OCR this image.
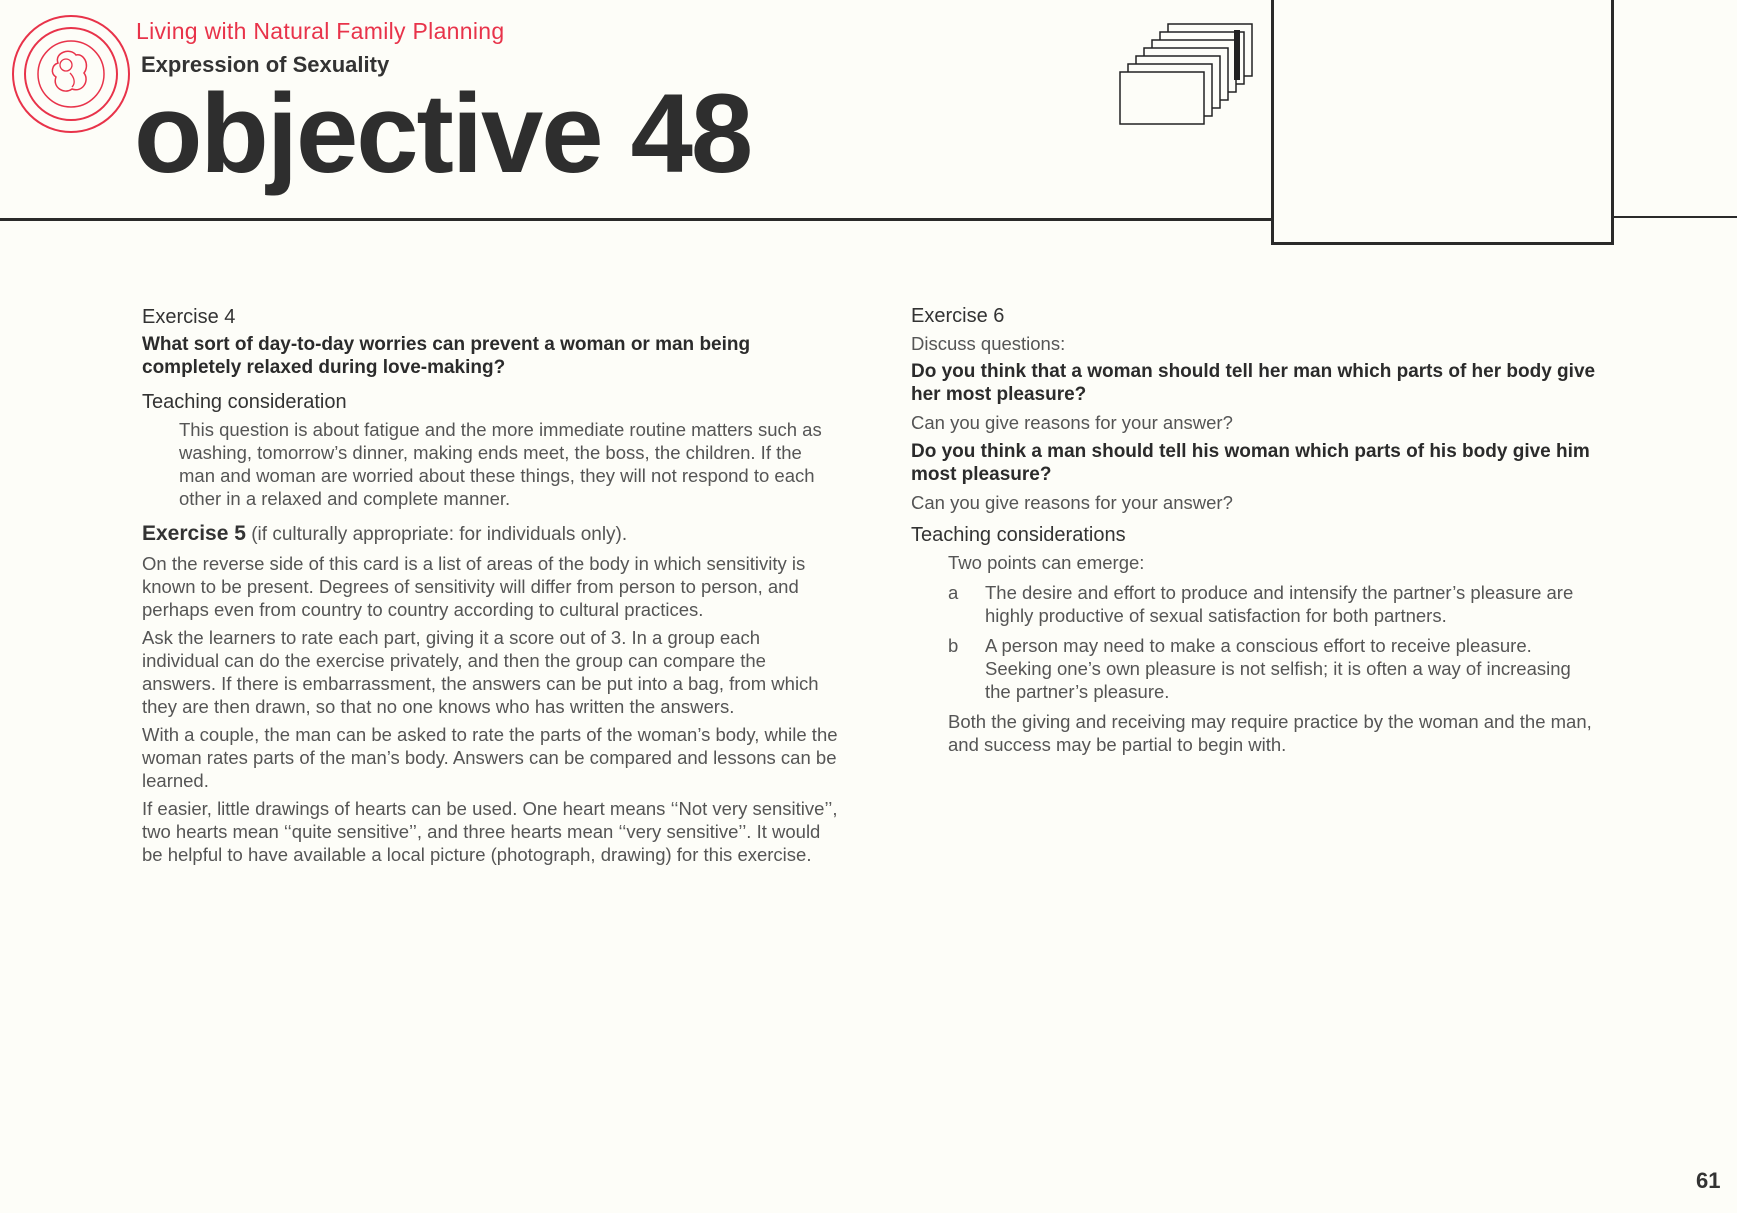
Living with Natural Family Planning
Expression of Sexuality
objective 48
Exercise 4
What sort of day-to-day worries can prevent a woman or man being completely relaxed during love-making?
Teaching consideration
This question is about fatigue and the more immediate routine matters such as washing, tomorrow’s dinner, making ends meet, the boss, the children. If the man and woman are worried about these things, they will not respond to each other in a relaxed and complete manner.
Exercise 5 (if culturally appropriate: for individuals only).
On the reverse side of this card is a list of areas of the body in which sensitivity is known to be present. Degrees of sensitivity will differ from person to person, and perhaps even from country to country according to cultural practices.
Ask the learners to rate each part, giving it a score out of 3. In a group each individual can do the exercise privately, and then the group can compare the answers. If there is embarrassment, the answers can be put into a bag, from which they are then drawn, so that no one knows who has written the answers.
With a couple, the man can be asked to rate the parts of the woman’s body, while the woman rates parts of the man’s body. Answers can be compared and lessons can be learned.
If easier, little drawings of hearts can be used. One heart means ‘‘Not very sensitive’’, two hearts mean ‘‘quite sensitive’’, and three hearts mean ‘‘very sensitive’’. It would be helpful to have available a local picture (photograph, drawing) for this exercise.
Exercise 6
Discuss questions:
Do you think that a woman should tell her man which parts of her body give her most pleasure?
Can you give reasons for your answer?
Do you think a man should tell his woman which parts of his body give him most pleasure?
Can you give reasons for your answer?
Teaching considerations
Two points can emerge:
a	The desire and effort to produce and intensify the partner’s pleasure are highly productive of sexual satisfaction for both partners.
b	A person may need to make a conscious effort to receive pleasure. Seeking one’s own pleasure is not selfish; it is often a way of increasing the partner’s pleasure.
Both the giving and receiving may require practice by the woman and the man, and success may be partial to begin with.
61
